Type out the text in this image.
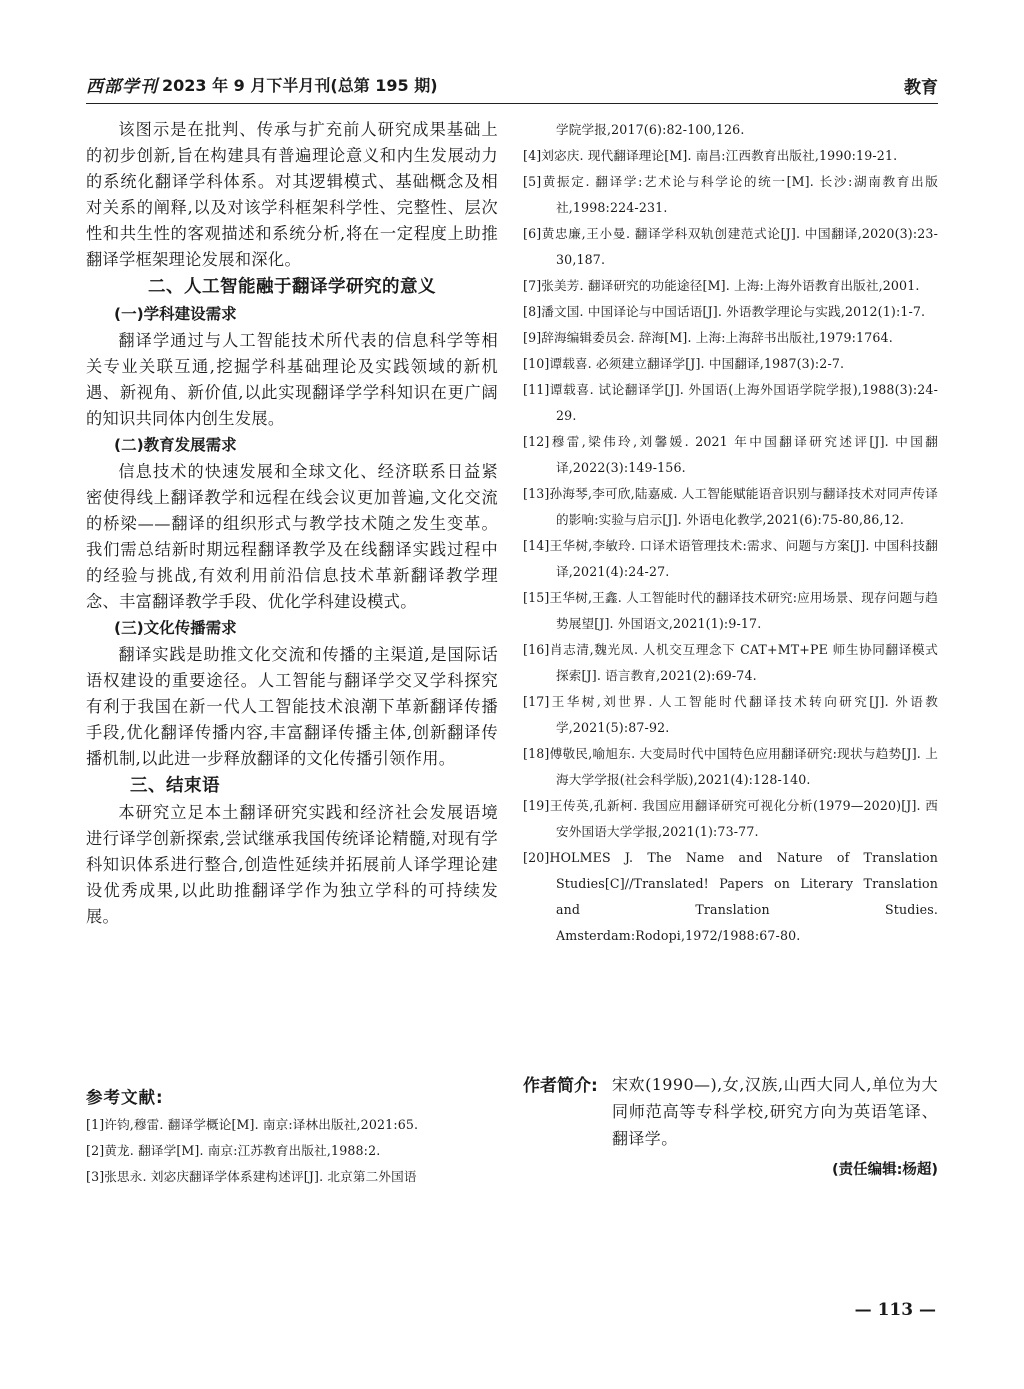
西部学刊 2023 年 9 月下半月刊(总第 195 期)	教育

该图示是在批判、传承与扩充前人研究成果基础上的初步创新,旨在构建具有普遍理论意义和内生发展动力的系统化翻译学科体系。对其逻辑模式、基础概念及相对关系的阐释,以及对该学科框架科学性、完整性、层次性和共生性的客观描述和系统分析,将在一定程度上助推翻译学框架理论发展和深化。

二、人工智能融于翻译学研究的意义
(一)学科建设需求

翻译学通过与人工智能技术所代表的信息科学等相关专业关联互通,挖掘学科基础理论及实践领域的新机遇、新视角、新价值,以此实现翻译学学科知识在更广阔的知识共同体内创生发展。

(二)教育发展需求

信息技术的快速发展和全球文化、经济联系日益紧密使得线上翻译教学和远程在线会议更加普遍,文化交流的桥梁——翻译的组织形式与教学技术随之发生变革。我们需总结新时期远程翻译教学及在线翻译实践过程中的经验与挑战,有效利用前沿信息技术革新翻译教学理念、丰富翻译教学手段、优化学科建设模式。

(三)文化传播需求

翻译实践是助推文化交流和传播的主渠道,是国际话语权建设的重要途径。人工智能与翻译学交叉学科探究有利于我国在新一代人工智能技术浪潮下革新翻译传播手段,优化翻译传播内容,丰富翻译传播主体,创新翻译传播机制,以此进一步释放翻译的文化传播引领作用。

三、结束语

本研究立足本土翻译研究实践和经济社会发展语境进行译学创新探索,尝试继承我国传统译论精髓,对现有学科知识体系进行整合,创造性延续并拓展前人译学理论建设优秀成果,以此助推翻译学作为独立学科的可持续发展。

参考文献:

[1]许钧,穆雷. 翻译学概论[M]. 南京:译林出版社,2021:65.

[2]黄龙. 翻译学[M]. 南京:江苏教育出版社,1988:2.

[3]张思永. 刘宓庆翻译学体系建构述评[J]. 北京第二外国语

学院学报,2017(6):82-100,126.

[4]刘宓庆. 现代翻译理论[M]. 南昌:江西教育出版社,1990:19-21.

[5]黄振定. 翻译学:艺术论与科学论的统一[M]. 长沙:湖南教育出版社,1998:224-231.

[6]黄忠廉,王小曼. 翻译学科双轨创建范式论[J]. 中国翻译,2020(3):23-30,187.

[7]张美芳. 翻译研究的功能途径[M]. 上海:上海外语教育出版社,2001.

[8]潘文国. 中国译论与中国话语[J]. 外语教学理论与实践,2012(1):1-7.

[9]辞海编辑委员会. 辞海[M]. 上海:上海辞书出版社,1979:1764.

[10]谭载喜. 必须建立翻译学[J]. 中国翻译,1987(3):2-7.

[11]谭载喜. 试论翻译学[J]. 外国语(上海外国语学院学报),1988(3):24-29.

[12]穆雷,梁伟玲,刘馨媛. 2021 年中国翻译研究述评[J]. 中国翻译,2022(3):149-156.

[13]孙海琴,李可欣,陆嘉威. 人工智能赋能语音识别与翻译技术对同声传译的影响:实验与启示[J]. 外语电化教学,2021(6):75-80,86,12.

[14]王华树,李敏玲. 口译术语管理技术:需求、问题与方案[J]. 中国科技翻译,2021(4):24-27.

[15]王华树,王鑫. 人工智能时代的翻译技术研究:应用场景、现存问题与趋势展望[J]. 外国语文,2021(1):9-17.

[16]肖志清,魏光凤. 人机交互理念下 CAT+MT+PE 师生协同翻译模式探索[J]. 语言教育,2021(2):69-74.

[17]王华树,刘世界. 人工智能时代翻译技术转向研究[J]. 外语教学,2021(5):87-92.

[18]傅敬民,喻旭东. 大变局时代中国特色应用翻译研究:现状与趋势[J]. 上海大学学报(社会科学版),2021(4):128-140.

[19]王传英,孔新柯. 我国应用翻译研究可视化分析(1979—2020)[J]. 西安外国语大学学报,2021(1):73-77.

[20]HOLMES J. The Name and Nature of Translation Studies[C]//Translated! Papers on Literary Translation and Translation Studies. Amsterdam:Rodopi,1972/1988:67-80.

作者简介: 宋欢(1990—),女,汉族,山西大同人,单位为大同师范高等专科学校,研究方向为英语笔译、翻译学。
(责任编辑:杨超)
— 113 —
